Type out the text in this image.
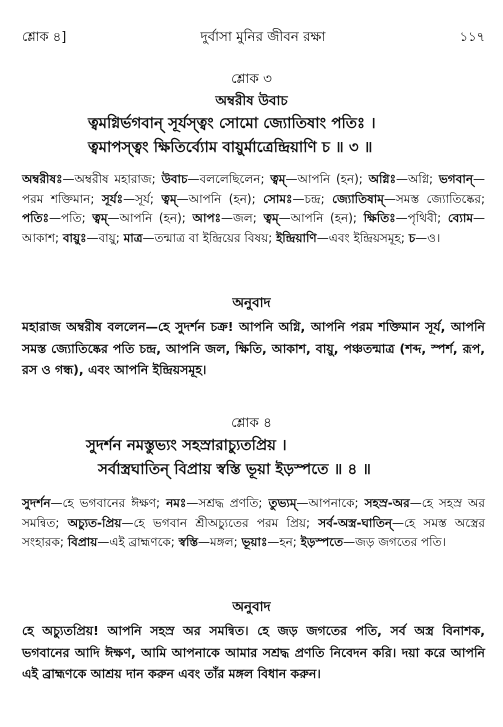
শ্লোক ৪]	দুর্বাসা মুনির জীবন রক্ষা	১১৭
শ্লোক ৩
অম্বরীষ উবাচ
ত্বমগ্নির্ভগবান্ সূর্যস্ত্বং সোমো জ্যোতিষাং পতিঃ ।
ত্বমাপস্ত্বং ক্ষিতির্ব্যোম বায়ুর্মাত্রেন্দ্রিয়াণি চ ॥ ৩ ॥
অম্বরীষঃ—অম্বরীষ মহারাজ; উবাচ—বললেছিলেন; ত্বম্—আপনি (হন); অগ্নিঃ—অগ্নি; ভগবান্—পরম শক্তিমান; সূর্যঃ—সূর্য; ত্বম্—আপনি (হন); সোমঃ—চন্দ্র; জ্যোতিষাম্—সমস্ত জ্যোতিষ্কের; পতিঃ—পতি; ত্বম্—আপনি (হন); আপঃ—জল; ত্বম্—আপনি (হন); ক্ষিতিঃ—পৃথিবী; ব্যোম—আকাশ; বায়ুঃ—বায়ু; মাত্র—তন্মাত্র বা ইন্দ্রিয়ের বিষয়; ইন্দ্রিয়াণি—এবং ইন্দ্রিয়সমূহ; চ—ও।
অনুবাদ
মহারাজ অম্বরীষ বললেন—হে সুদর্শন চক্র! আপনি অগ্নি, আপনি পরম শক্তিমান সূর্য, আপনি সমস্ত জ্যোতিষ্কের পতি চন্দ্র, আপনি জল, ক্ষিতি, আকাশ, বায়ু, পঞ্চতন্মাত্র (শব্দ, স্পর্শ, রূপ, রস ও গন্ধ), এবং আপনি ইন্দ্রিয়সমূহ।
শ্লোক ৪
সুদর্শন নমস্তুভ্যং সহস্রারাচ্যুতপ্রিয় ।
সর্বাস্ত্রঘাতিন্ বিপ্রায় স্বস্তি ভূয়া ইড়স্পতে ॥ ৪ ॥
সুদর্শন—হে ভগবানের ঈক্ষণ; নমঃ—সশ্রদ্ধ প্রণতি; তুভ্যম্—আপনাকে; সহস্র-অর—হে সহস্র অর সমন্বিত; অচ্যুত-প্রিয়—হে ভগবান শ্রীঅচ্যুতের পরম প্রিয়; সর্ব-অস্ত্র-ঘাতিন্—হে সমস্ত অস্ত্রের সংহারক; বিপ্রায়—এই ব্রাহ্মণকে; স্বস্তি—মঙ্গল; ভূয়াঃ—হন; ইড়স্পতে—জড় জগতের পতি।
অনুবাদ
হে অচ্যুতপ্রিয়! আপনি সহস্র অর সমন্বিত। হে জড় জগতের পতি, সর্ব অস্ত্র বিনাশক, ভগবানের আদি ঈক্ষণ, আমি আপনাকে আমার সশ্রদ্ধ প্রণতি নিবেদন করি। দয়া করে আপনি এই ব্রাহ্মণকে আশ্রয় দান করুন এবং তাঁর মঙ্গল বিধান করুন।
